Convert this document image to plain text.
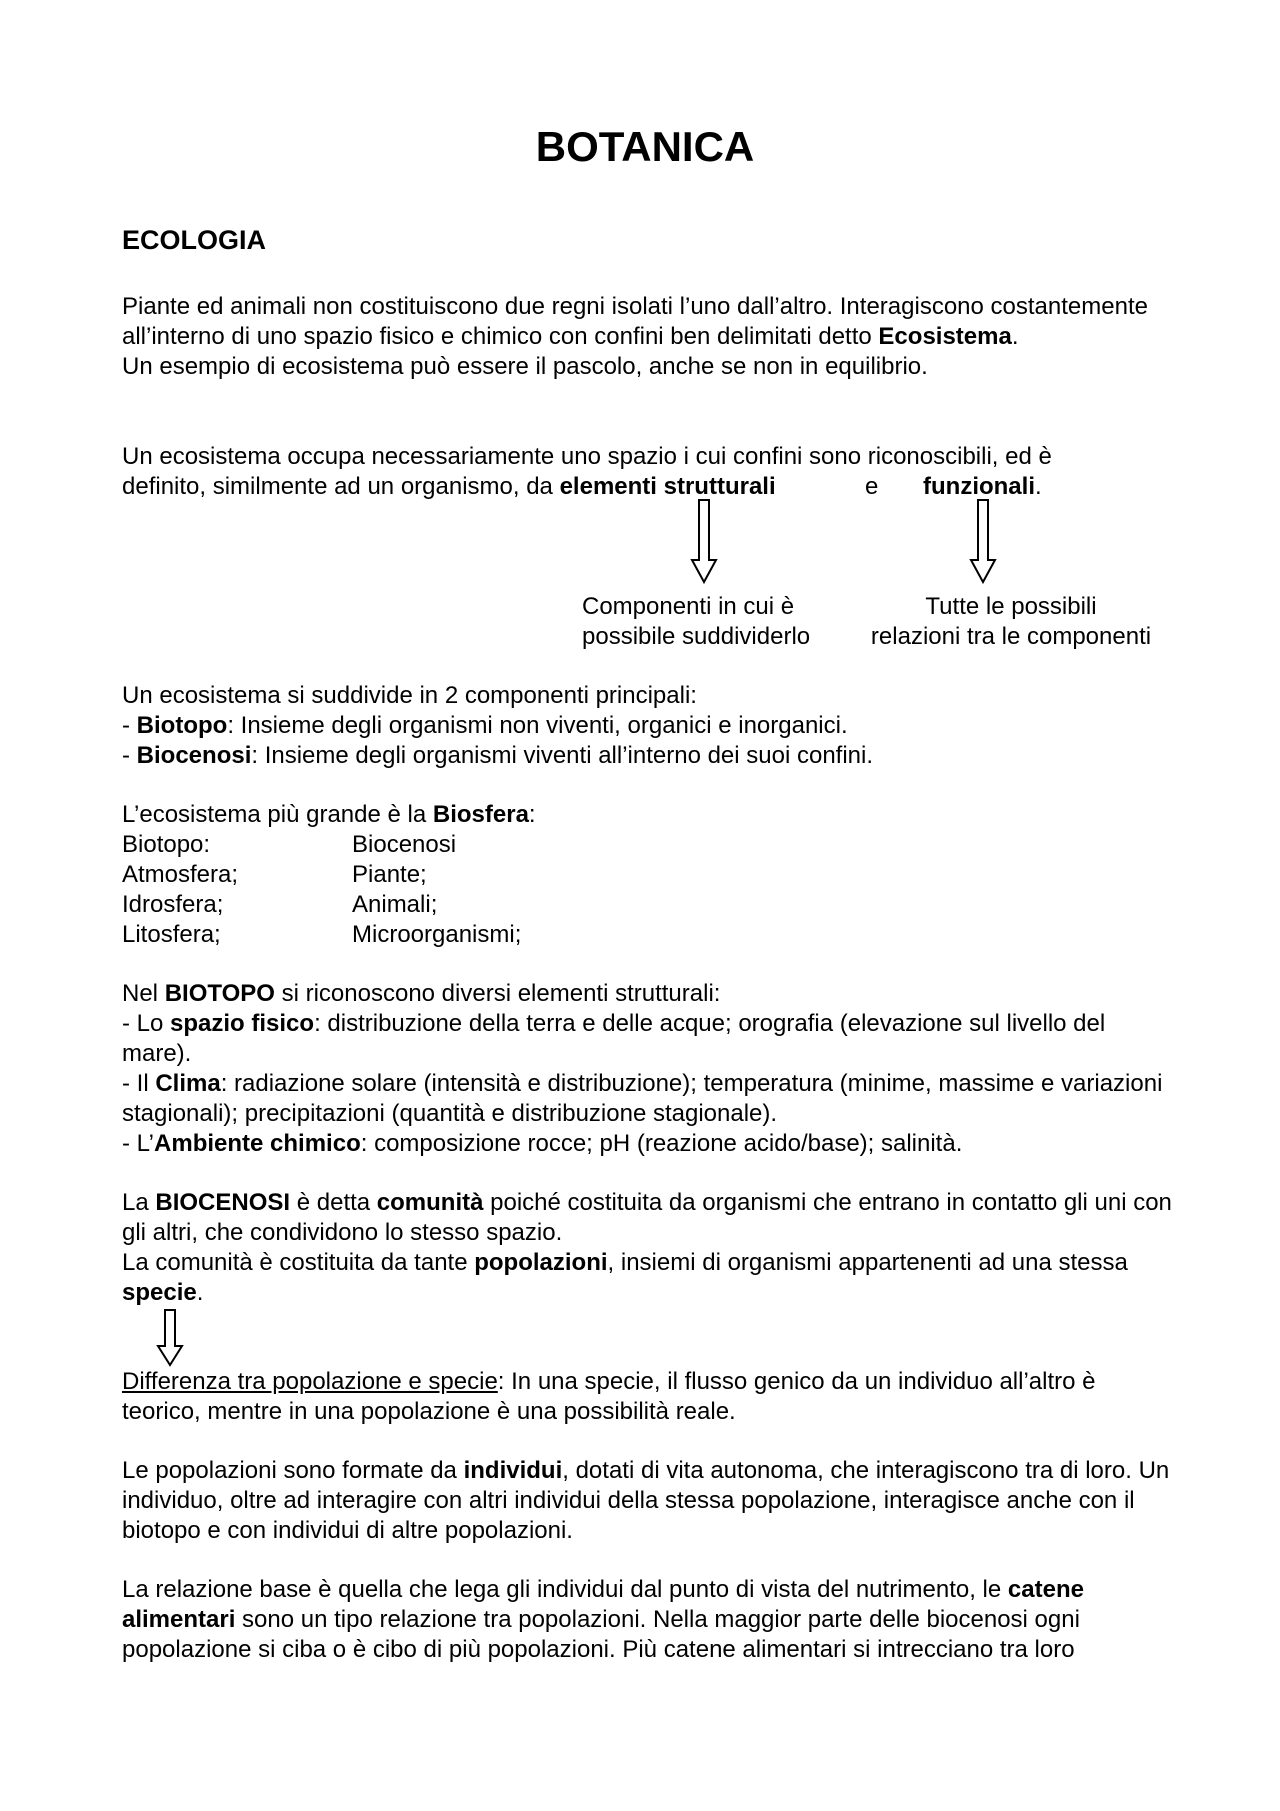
BOTANICA
ECOLOGIA

Piante ed animali non costituiscono due regni isolati l’uno dall’altro. Interagiscono costantemente all’interno di uno spazio fisico e chimico con confini ben delimitati detto Ecosistema.

Un esempio di ecosistema può essere il pascolo, anche se non in equilibrio.

Un ecosistema occupa necessariamente uno spazio i cui confini sono riconoscibili, ed è

definito, similmente ad un organismo, da elementi strutturali	e funzionali.

Componenti in cui è
possibile suddividerlo
Tutte le possibili
relazioni tra le componenti

Un ecosistema si suddivide in 2 componenti principali:

- Biotopo: Insieme degli organismi non viventi, organici e inorganici.

- Biocenosi: Insieme degli organismi viventi all’interno dei suoi confini.

L’ecosistema più grande è la Biosfera:

Biotopo:	Biocenosi
Atmosfera;	Piante;
Idrosfera;	Animali;
Litosfera;	Microorganismi;

Nel BIOTOPO si riconoscono diversi elementi strutturali:

- Lo spazio fisico: distribuzione della terra e delle acque; orografia (elevazione sul livello del mare).

- Il Clima: radiazione solare (intensità e distribuzione); temperatura (minime, massime e variazioni stagionali); precipitazioni (quantità e distribuzione stagionale).

- L’Ambiente chimico: composizione rocce; pH (reazione acido/base); salinità.

La BIOCENOSI è detta comunità poiché costituita da organismi che entrano in contatto gli uni con gli altri, che condividono lo stesso spazio.

La comunità è costituita da tante popolazioni, insiemi di organismi appartenenti ad una stessa specie.

Differenza tra popolazione e specie: In una specie, il flusso genico da un individuo all’altro è teorico, mentre in una popolazione è una possibilità reale.

Le popolazioni sono formate da individui, dotati di vita autonoma, che interagiscono tra di loro. Un individuo, oltre ad interagire con altri individui della stessa popolazione, interagisce anche con il biotopo e con individui di altre popolazioni.

La relazione base è quella che lega gli individui dal punto di vista del nutrimento, le catene alimentari sono un tipo relazione tra popolazioni. Nella maggior parte delle biocenosi ogni popolazione si ciba o è cibo di più popolazioni. Più catene alimentari si intrecciano tra loro
